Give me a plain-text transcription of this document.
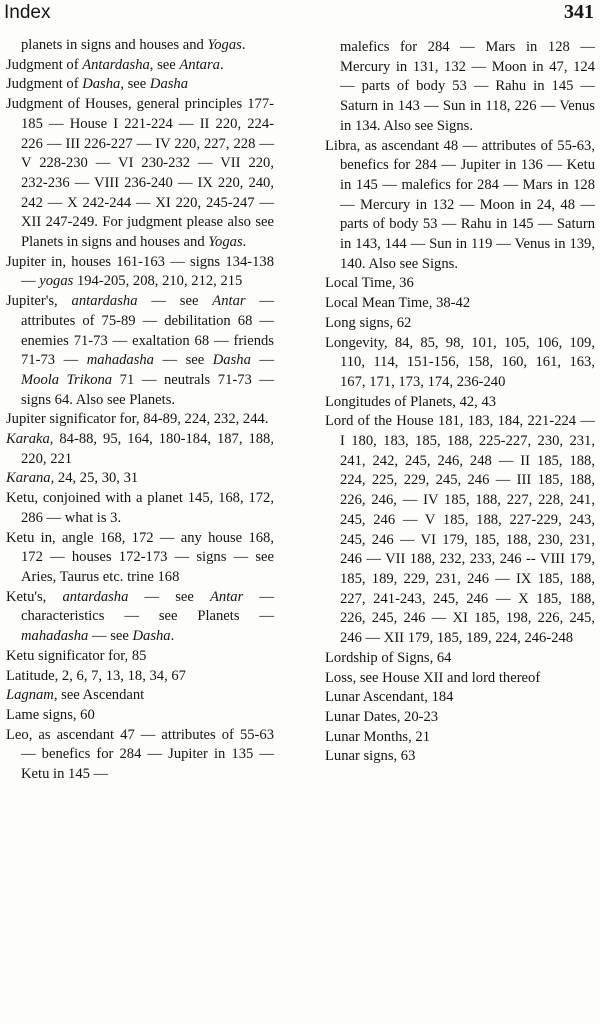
Index	341

planets in signs and houses and Yogas.

Judgment of Antardasha, see Antara.

Judgment of Dasha, see Dasha

Judgment of Houses, general principles 177-185 — House I 221-224 — II 220, 224-226 — III 226-227 — IV 220, 227, 228 — V 228-230 — VI 230-232 — VII 220, 232-236 — VIII 236-240 — IX 220, 240, 242 — X 242-244 — XI 220, 245-247 — XII 247-249. For judgment please also see Planets in signs and houses and Yogas.

Jupiter in, houses 161-163 — signs 134-138 — yogas 194-205, 208, 210, 212, 215

Jupiter's, antardasha — see Antar — attributes of 75-89 — debilitation 68 — enemies 71-73 — exaltation 68 — friends 71-73 — mahadasha — see Dasha — Moola Trikona 71 — neutrals 71-73 — signs 64. Also see Planets.

Jupiter significator for, 84-89, 224, 232, 244.

Karaka, 84-88, 95, 164, 180-184, 187, 188, 220, 221

Karana, 24, 25, 30, 31

Ketu, conjoined with a planet 145, 168, 172, 286 — what is 3.

Ketu in, angle 168, 172 — any house 168, 172 — houses 172-173 — signs — see Aries, Taurus etc. trine 168

Ketu's, antardasha — see Antar — characteristics — see Planets — mahadasha — see Dasha.

Ketu significator for, 85

Latitude, 2, 6, 7, 13, 18, 34, 67

Lagnam, see Ascendant

Lame signs, 60

Leo, as ascendant 47 — attributes of 55-63 — benefics for 284 — Jupiter in 135 — Ketu in 145 —

malefics for 284 — Mars in 128 — Mercury in 131, 132 — Moon in 47, 124 — parts of body 53 — Rahu in 145 — Saturn in 143 — Sun in 118, 226 — Venus in 134. Also see Signs.

Libra, as ascendant 48 — attributes of 55-63, benefics for 284 — Jupiter in 136 — Ketu in 145 — malefics for 284 — Mars in 128 — Mercury in 132 — Moon in 24, 48 — parts of body 53 — Rahu in 145 — Saturn in 143, 144 — Sun in 119 — Venus in 139, 140. Also see Signs.

Local Time, 36

Local Mean Time, 38-42

Long signs, 62

Longevity, 84, 85, 98, 101, 105, 106, 109, 110, 114, 151-156, 158, 160, 161, 163, 167, 171, 173, 174, 236-240

Longitudes of Planets, 42, 43

Lord of the House 181, 183, 184, 221-224 — I 180, 183, 185, 188, 225-227, 230, 231, 241, 242, 245, 246, 248 — II 185, 188, 224, 225, 229, 245, 246 — III 185, 188, 226, 246, — IV 185, 188, 227, 228, 241, 245, 246 — V 185, 188, 227-229, 243, 245, 246 — VI 179, 185, 188, 230, 231, 246 — VII 188, 232, 233, 246 -- VIII 179, 185, 189, 229, 231, 246 — IX 185, 188, 227, 241-243, 245, 246 — X 185, 188, 226, 245, 246 — XI 185, 198, 226, 245, 246 — XII 179, 185, 189, 224, 246-248

Lordship of Signs, 64

Loss, see House XII and lord thereof

Lunar Ascendant, 184

Lunar Dates, 20-23

Lunar Months, 21

Lunar signs, 63
